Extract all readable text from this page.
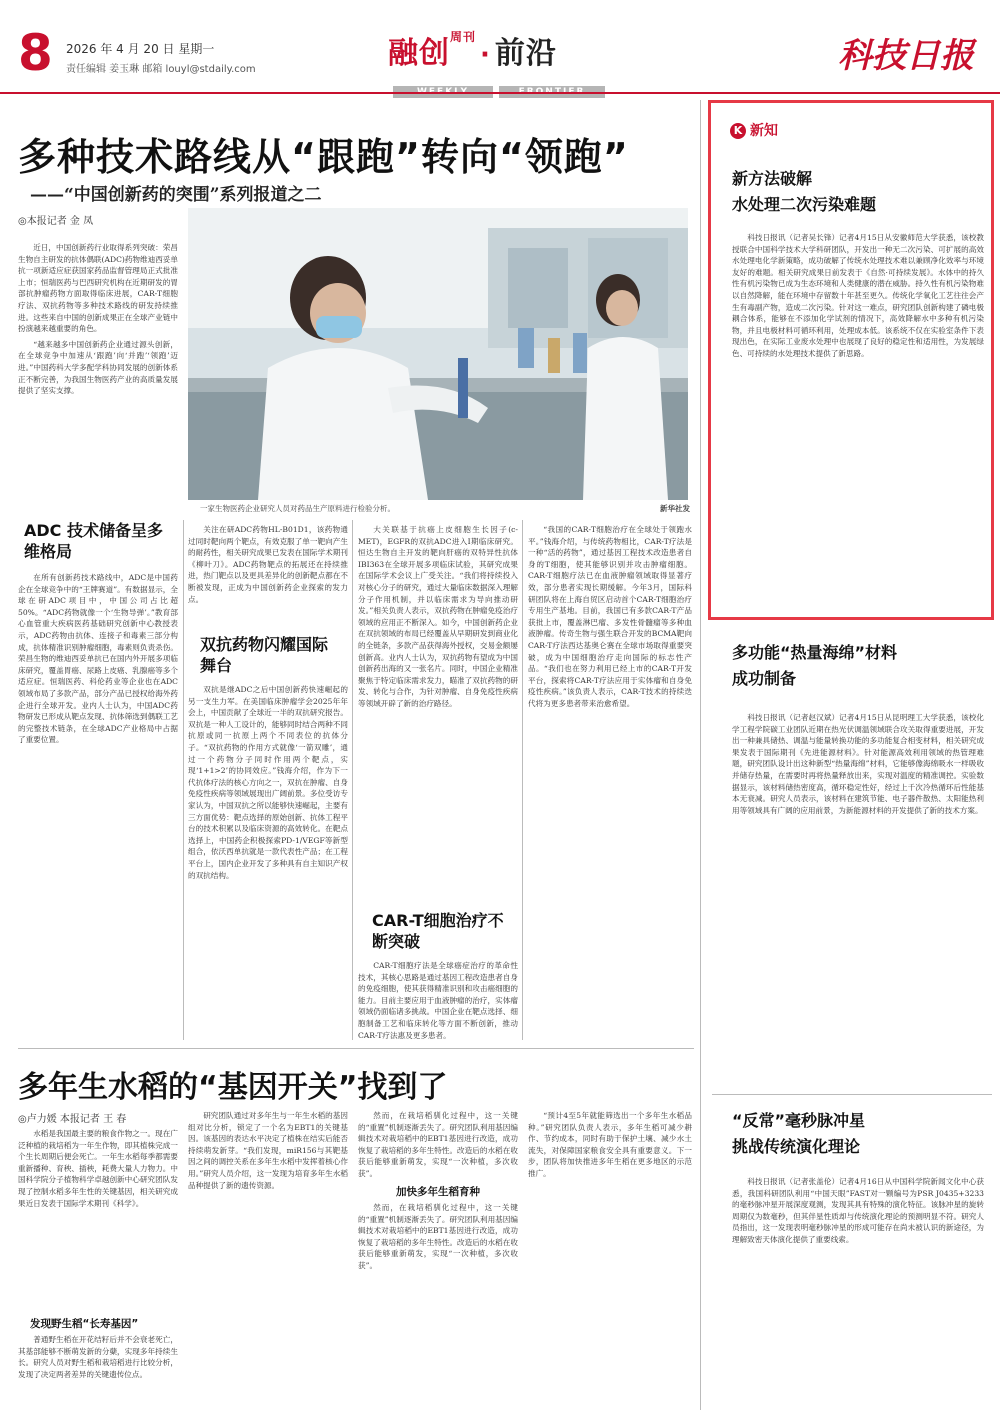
8 2026 年 4 月 20 日 星期一
责任编辑 姜玉琳 邮箱 louyl@stdaily.com	融创$^{周刊}$· 前沿	科技日报
多种技术路线从“跟跑”转向“领跑”
——“中国创新药的突围”系列报道之二
◎本报记者 金 凤

近日，中国创新药行业取得系列突破：荣昌生物自主研发的抗体偶联(ADC)药物维迪西妥单抗一项新适应症获国家药品监督管理局正式批准上市；恒瑞医药与巴西研究机构在近期研发的胃部抗肿瘤药物方面取得临床进展，CAR-T细胞疗法、双抗药物等多种技术路线的研发持续推进。这些来自中国的创新成果正在全球产业链中扮演越来越重要的角色。

“越来越多中国创新药企业通过源头创新，在全球竞争中加速从‘跟跑’向‘并跑’‘领跑’迈进。”中国药科大学多配学科协同发展的创新体系正不断完善，为我国生物医药产业的高质量发展提供了坚实支撑。

一家生物医药企业研究人员对药品生产原料进行检验分析。	新华社发
ADC 技术储备呈多维格局
在所有创新药技术路线中，ADC是中国药企在全球竞争中的“王牌赛道”。有数据显示，全球在研ADC项目中，中国公司占比超50%。“ADC药物就像一个‘生物导弹’。”教育部心血管重大疾病医药基础研究创新中心教授表示，ADC药物由抗体、连接子和毒素三部分构成，抗体精准识别肿瘤细胞，毒素则负责杀伤。荣昌生物的维迪西妥单抗已在国内外开展多项临床研究，覆盖胃癌、尿路上皮癌、乳腺癌等多个适应症。恒瑞医药、科伦药业等企业也在ADC领域布局了多款产品，部分产品已授权给海外药企进行全球开发。业内人士认为，中国ADC药物研发已形成从靶点发现、抗体筛选到偶联工艺的完整技术链条，在全球ADC产业格局中占据了重要位置。
关注在研ADC药物HL-B01D1，该药物通过同时靶向两个靶点，有效克服了单一靶向产生的耐药性，相关研究成果已发表在国际学术期刊《柳叶刀》。ADC药物靶点的拓展还在持续推进，热门靶点以及更具差异化的创新靶点都在不断被发现，正成为中国创新药企业探索的发力点。
双抗药物闪耀国际舞台
双抗是继ADC之后中国创新药快速崛起的另一支生力军。在美国临床肿瘤学会2025年年会上，中国贡献了全球近一半的双抗研究报告。双抗是一种人工设计的，能够同时结合两种不同抗原或同一抗原上两个不同表位的抗体分子。“双抗药物的作用方式就像‘一箭双雕’，通过一个药物分子同时作用两个靶点，实现‘1+1>2’的协同效应。”钱海介绍，作为下一代抗体疗法的核心方向之一，双抗在肿瘤、自身免疫性疾病等领域展现出广阔前景。多位受访专家认为，中国双抗之所以能够快速崛起，主要有三方面优势：靶点选择的原始创新、抗体工程平台的技术积累以及临床资源的高效转化。在靶点选择上，中国药企积极探索PD-1/VEGF等新型组合，依沃西单抗就是一款代表性产品；在工程平台上，国内企业开发了多种具有自主知识产权的双抗结构。
大关联基于抗癌上皮细胞生长因子(c-MET)，EGFR的双抗ADC进入I期临床研究。恒达生物自主开发的靶向肝癌的双特异性抗体IBI363在全球开展多项临床试验，其研究成果在国际学术会议上广受关注。“我们将持续投入对核心分子的研究，通过大量临床数据深入理解分子作用机制，并以临床需求为导向推动研发。”相关负责人表示，双抗药物在肿瘤免疫治疗领域的应用正不断深入。如今，中国创新药企业在双抗领域的布局已经覆盖从早期研发到商业化的全链条，多款产品获得海外授权，交易金额屡创新高。业内人士认为，双抗药物有望成为中国创新药出海的又一张名片。同时，中国企业精准聚焦于特定临床需求发力，瞄准了双抗药物的研发、转化与合作，为针对肿瘤、自身免疫性疾病等领域开辟了新的治疗路径。
“我国的CAR-T细胞治疗在全球处于领跑水平。”钱海介绍，与传统药物相比，CAR-T疗法是一种“活的药物”，通过基因工程技术改造患者自身的T细胞，使其能够识别并攻击肿瘤细胞。CAR-T细胞疗法已在血液肿瘤领域取得显著疗效，部分患者实现长期缓解。今年3月，国际科研团队将在上海自贸区启动首个CAR-T细胞治疗专用生产基地。目前，我国已有多款CAR-T产品获批上市，覆盖淋巴瘤、多发性骨髓瘤等多种血液肿瘤。传奇生物与强生联合开发的BCMA靶向CAR-T疗法西达基奥仑赛在全球市场取得重要突破，成为中国细胞治疗走向国际的标志性产品。“我们也在努力利用已经上市的CAR-T开发平台，探索将CAR-T疗法应用于实体瘤和自身免疫性疾病。”该负责人表示，CAR-T技术的持续迭代将为更多患者带来治愈希望。
CAR-T细胞治疗不断突破
CAR-T细胞疗法是全球癌症治疗的革命性技术，其核心思路是通过基因工程改造患者自身的免疫细胞，使其获得精准识别和攻击癌细胞的能力。目前主要应用于血液肿瘤的治疗，实体瘤领域仍面临诸多挑战。中国企业在靶点选择、细胞制备工艺和临床转化等方面不断创新，推动CAR-T疗法惠及更多患者。
多年生水稻的“基因开关”找到了
◎卢力媛 本报记者 王 春
水稻是我国最主要的粮食作物之一。现在广泛种植的栽培稻为一年生作物，即其植株完成一个生长周期后便会死亡。一年生水稻每季都需要重新播种、育秧、插秧，耗费大量人力物力。中国科学院分子植物科学卓越创新中心研究团队发现了控制水稻多年生性的关键基因，相关研究成果近日发表于国际学术期刊《科学》。
发现野生稻“长寿基因”
普通野生稻在开花结籽后并不会衰老死亡，其基部能够不断萌发新的分蘖，实现多年持续生长。研究人员对野生稻和栽培稻进行比较分析，发现了决定两者差异的关键遗传位点。
研究团队通过对多年生与一年生水稻的基因组对比分析，锁定了一个名为EBT1的关键基因。该基因的表达水平决定了植株在结实后能否持续萌发新芽。“我们发现，miR156与其靶基因之间的调控关系在多年生水稻中发挥着核心作用。”研究人员介绍，这一发现为培育多年生水稻品种提供了新的遗传资源。
然而，在栽培稻驯化过程中，这一关键的“重置”机制逐渐丢失了。研究团队利用基因编辑技术对栽培稻中的EBT1基因进行改造，成功恢复了栽培稻的多年生特性。改造后的水稻在收获后能够重新萌发，实现“一次种植，多次收获”。
加快多年生稻育种
然而，在栽培稻驯化过程中，这一关键的“重置”机制逐渐丢失了。研究团队利用基因编辑技术对栽培稻中的EBT1基因进行改造，成功恢复了栽培稻的多年生特性。改造后的水稻在收获后能够重新萌发，实现“一次种植，多次收获”。
“预计4至5年就能筛选出一个多年生水稻品种。”研究团队负责人表示，多年生稻可减少耕作、节约成本，同时有助于保护土壤、减少水土流失，对保障国家粮食安全具有重要意义。下一步，团队将加快推进多年生稻在更多地区的示范推广。
K 新知
新方法破解
水处理二次污染难题
科技日报讯（记者吴长锋）记者4月15日从安徽师范大学获悉，该校教授联合中国科学技术大学科研团队，开发出一种无二次污染、可扩展的高效水处理电化学新策略，成功破解了传统水处理技术难以兼顾净化效率与环境友好的难题。相关研究成果日前发表于《自然·可持续发展》。水体中的持久性有机污染物已成为生态环境和人类健康的潜在威胁。持久性有机污染物难以自然降解，能在环境中存留数十年甚至更久。传统化学氧化工艺往往会产生有毒副产物，造成二次污染。针对这一难点，研究团队创新构建了磷电极耦合体系，能够在不添加化学试剂的情况下，高效降解水中多种有机污染物，并且电极材料可循环利用，处理成本低。该系统不仅在实验室条件下表现出色，在实际工业废水处理中也展现了良好的稳定性和适用性，为发展绿色、可持续的水处理技术提供了新思路。
多功能“热量海绵”材料
成功制备
科技日报讯（记者赵汉斌）记者4月15日从昆明理工大学获悉，该校化学工程学院碳工业团队近期在热光伏调温领域联合攻关取得重要进展，开发出一种兼具储热、调温与能量转换功能的多功能复合相变材料，相关研究成果发表于国际期刊《先进能源材料》。针对能源高效利用领域的热管理难题，研究团队设计出这种新型“热量海绵”材料，它能够像海绵吸水一样吸收并储存热量，在需要时再将热量释放出来，实现对温度的精准调控。实验数据显示，该材料储热密度高，循环稳定性好，经过上千次冷热循环后性能基本无衰减。研究人员表示，该材料在建筑节能、电子器件散热、太阳能热利用等领域具有广阔的应用前景，为新能源材料的开发提供了新的技术方案。
“反常”毫秒脉冲星
挑战传统演化理论
科技日报讯（记者张盖伦）记者4月16日从中国科学院新闻文化中心获悉，我国科研团队利用“中国天眼”FAST对一颗编号为PSR J0435+3233的毫秒脉冲星开展深度观测，发现其具有特殊的演化特征。该脉冲星的旋转周期仅为数毫秒，但其伴星性质却与传统演化理论的预测明显不符。研究人员指出，这一发现表明毫秒脉冲星的形成可能存在尚未被认识的新途径，为理解致密天体演化提供了重要线索。
